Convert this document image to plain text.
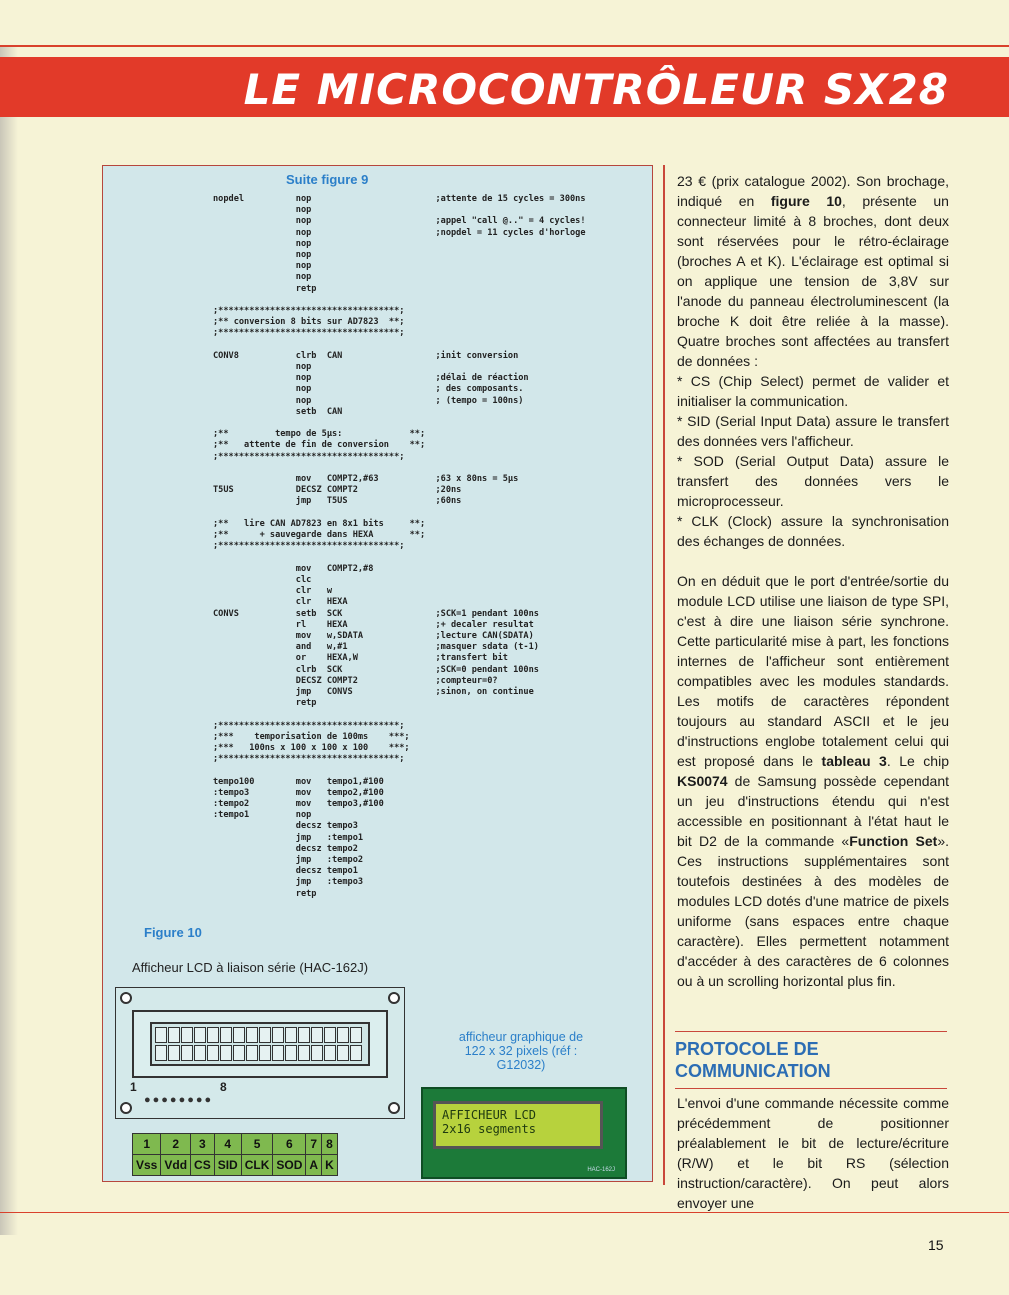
LE MICROCONTRÔLEUR SX28
Suite figure 9
nopdel          nop                        ;attente de 15 cycles = 300ns
nop
nop                        ;appel "call @.." = 4 cycles!
nop                        ;nopdel = 11 cycles d'horloge
nop
nop
nop
nop
retp

;***********************************;
;** conversion 8 bits sur AD7823  **;
;***********************************;

CONV8           clrb  CAN                  ;init conversion
nop
nop                        ;délai de réaction
nop                        ; des composants.
nop                        ; (tempo = 100ns)
setb  CAN

;**         tempo de 5µs:             **;
;**   attente de fin de conversion    **;
;***********************************;

mov   COMPT2,#63           ;63 x 80ns = 5µs
T5US            DECSZ COMPT2               ;20ns
jmp   T5US                 ;60ns

;**   lire CAN AD7823 en 8x1 bits     **;
;**      + sauvegarde dans HEXA       **;
;***********************************;

mov   COMPT2,#8
clc
clr   w
clr   HEXA
CONVS           setb  SCK                  ;SCK=1 pendant 100ns
rl    HEXA                 ;+ decaler resultat
mov   w,SDATA              ;lecture CAN(SDATA)
and   w,#1                 ;masquer sdata (t-1)
or    HEXA,W               ;transfert bit
clrb  SCK                  ;SCK=0 pendant 100ns
DECSZ COMPT2               ;compteur=0?
jmp   CONVS                ;sinon, on continue
retp

;***********************************;
;***    temporisation de 100ms    ***;
;***   100ns x 100 x 100 x 100    ***;
;***********************************;

tempo100        mov   tempo1,#100
:tempo3         mov   tempo2,#100
:tempo2         mov   tempo3,#100
:tempo1         nop
decsz tempo3
jmp   :tempo1
decsz tempo2
jmp   :tempo2
decsz tempo1
jmp   :tempo3
retp
Figure 10
Afficheur LCD à liaison série (HAC-162J)
1	8
●●●●●●●●
1	2	3	4	5	6	7	8
Vss	Vdd	CS	SID	CLK	SOD	A	K
afficheur graphique de 122 x 32 pixels (réf : G12032)
AFFICHEUR LCD
2x16 segments
HAC-162J
23 € (prix catalogue 2002). Son brochage, indiqué en figure 10, présente un connecteur limité à 8 broches, dont deux sont réservées pour le rétro-éclairage (broches A et K). L'éclairage est optimal si on applique une tension de 3,8V sur l'anode du panneau électroluminescent (la broche K doit être reliée à la masse). Quatre broches sont affectées au transfert de données :
* CS (Chip Select) permet de valider et initialiser la communication.
* SID (Serial Input Data) assure le transfert des données vers l'afficheur.
* SOD (Serial Output Data) assure le transfert des données vers le microprocesseur.
* CLK (Clock) assure la synchronisation des échanges de données.
On en déduit que le port d'entrée/sortie du module LCD utilise une liaison de type SPI, c'est à dire une liaison série synchrone. Cette particularité mise à part, les fonctions internes de l'afficheur sont entièrement compatibles avec les modules standards. Les motifs de caractères répondent toujours au standard ASCII et le jeu d'instructions englobe totalement celui qui est proposé dans le tableau 3. Le chip KS0074 de Samsung possède cependant un jeu d'instructions étendu qui n'est accessible en positionnant à l'état haut le bit D2 de la commande «Function Set». Ces instructions supplémentaires sont toutefois destinées à des modèles de modules LCD dotés d'une matrice de pixels uniforme (sans espaces entre chaque caractère). Elles permettent notamment d'accéder à des caractères de 6 colonnes ou à un scrolling horizontal plus fin.
PROTOCOLE DE COMMUNICATION
L'envoi d'une commande nécessite comme précédemment de positionner préalablement le bit de lecture/écriture (R/W) et le bit RS (sélection instruction/caractère). On peut alors envoyer une
15
